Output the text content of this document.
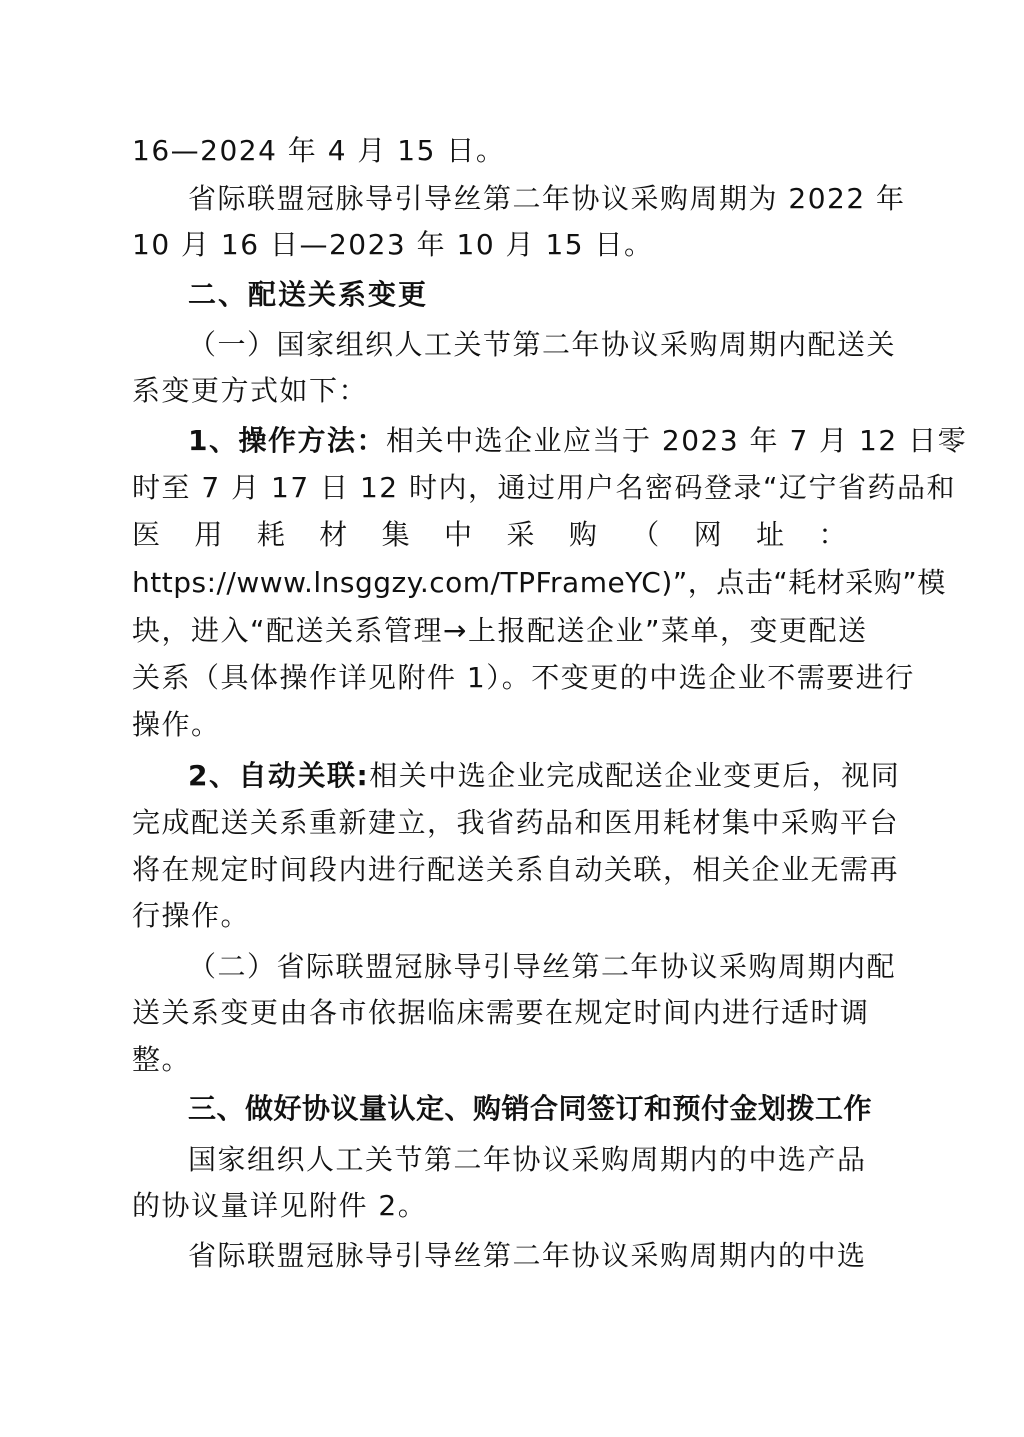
16—2024 年 4 月 15 日。
省际联盟冠脉导引导丝第二年协议采购周期为 2022 年
10 月 16 日—2023 年 10 月 15 日。
二、配送关系变更
（一）国家组织人工关节第二年协议采购周期内配送关
系变更方式如下：
1、操作方法：相关中选企业应当于 2023 年 7 月 12 日零
时至 7 月 17 日 12 时内，通过用户名密码登录“辽宁省药品和
医 用 耗 材 集 中 采 购 （ 网 址 ：
https://www.lnsggzy.com/TPFrameYC)”，点击“耗材采购”模
块，进入“配送关系管理→上报配送企业”菜单，变更配送
关系（具体操作详见附件 1）。不变更的中选企业不需要进行
操作。
2、自动关联:相关中选企业完成配送企业变更后，视同
完成配送关系重新建立，我省药品和医用耗材集中采购平台
将在规定时间段内进行配送关系自动关联，相关企业无需再
行操作。
（二）省际联盟冠脉导引导丝第二年协议采购周期内配
送关系变更由各市依据临床需要在规定时间内进行适时调
整。
三、做好协议量认定、购销合同签订和预付金划拨工作
国家组织人工关节第二年协议采购周期内的中选产品
的协议量详见附件 2。
省际联盟冠脉导引导丝第二年协议采购周期内的中选
